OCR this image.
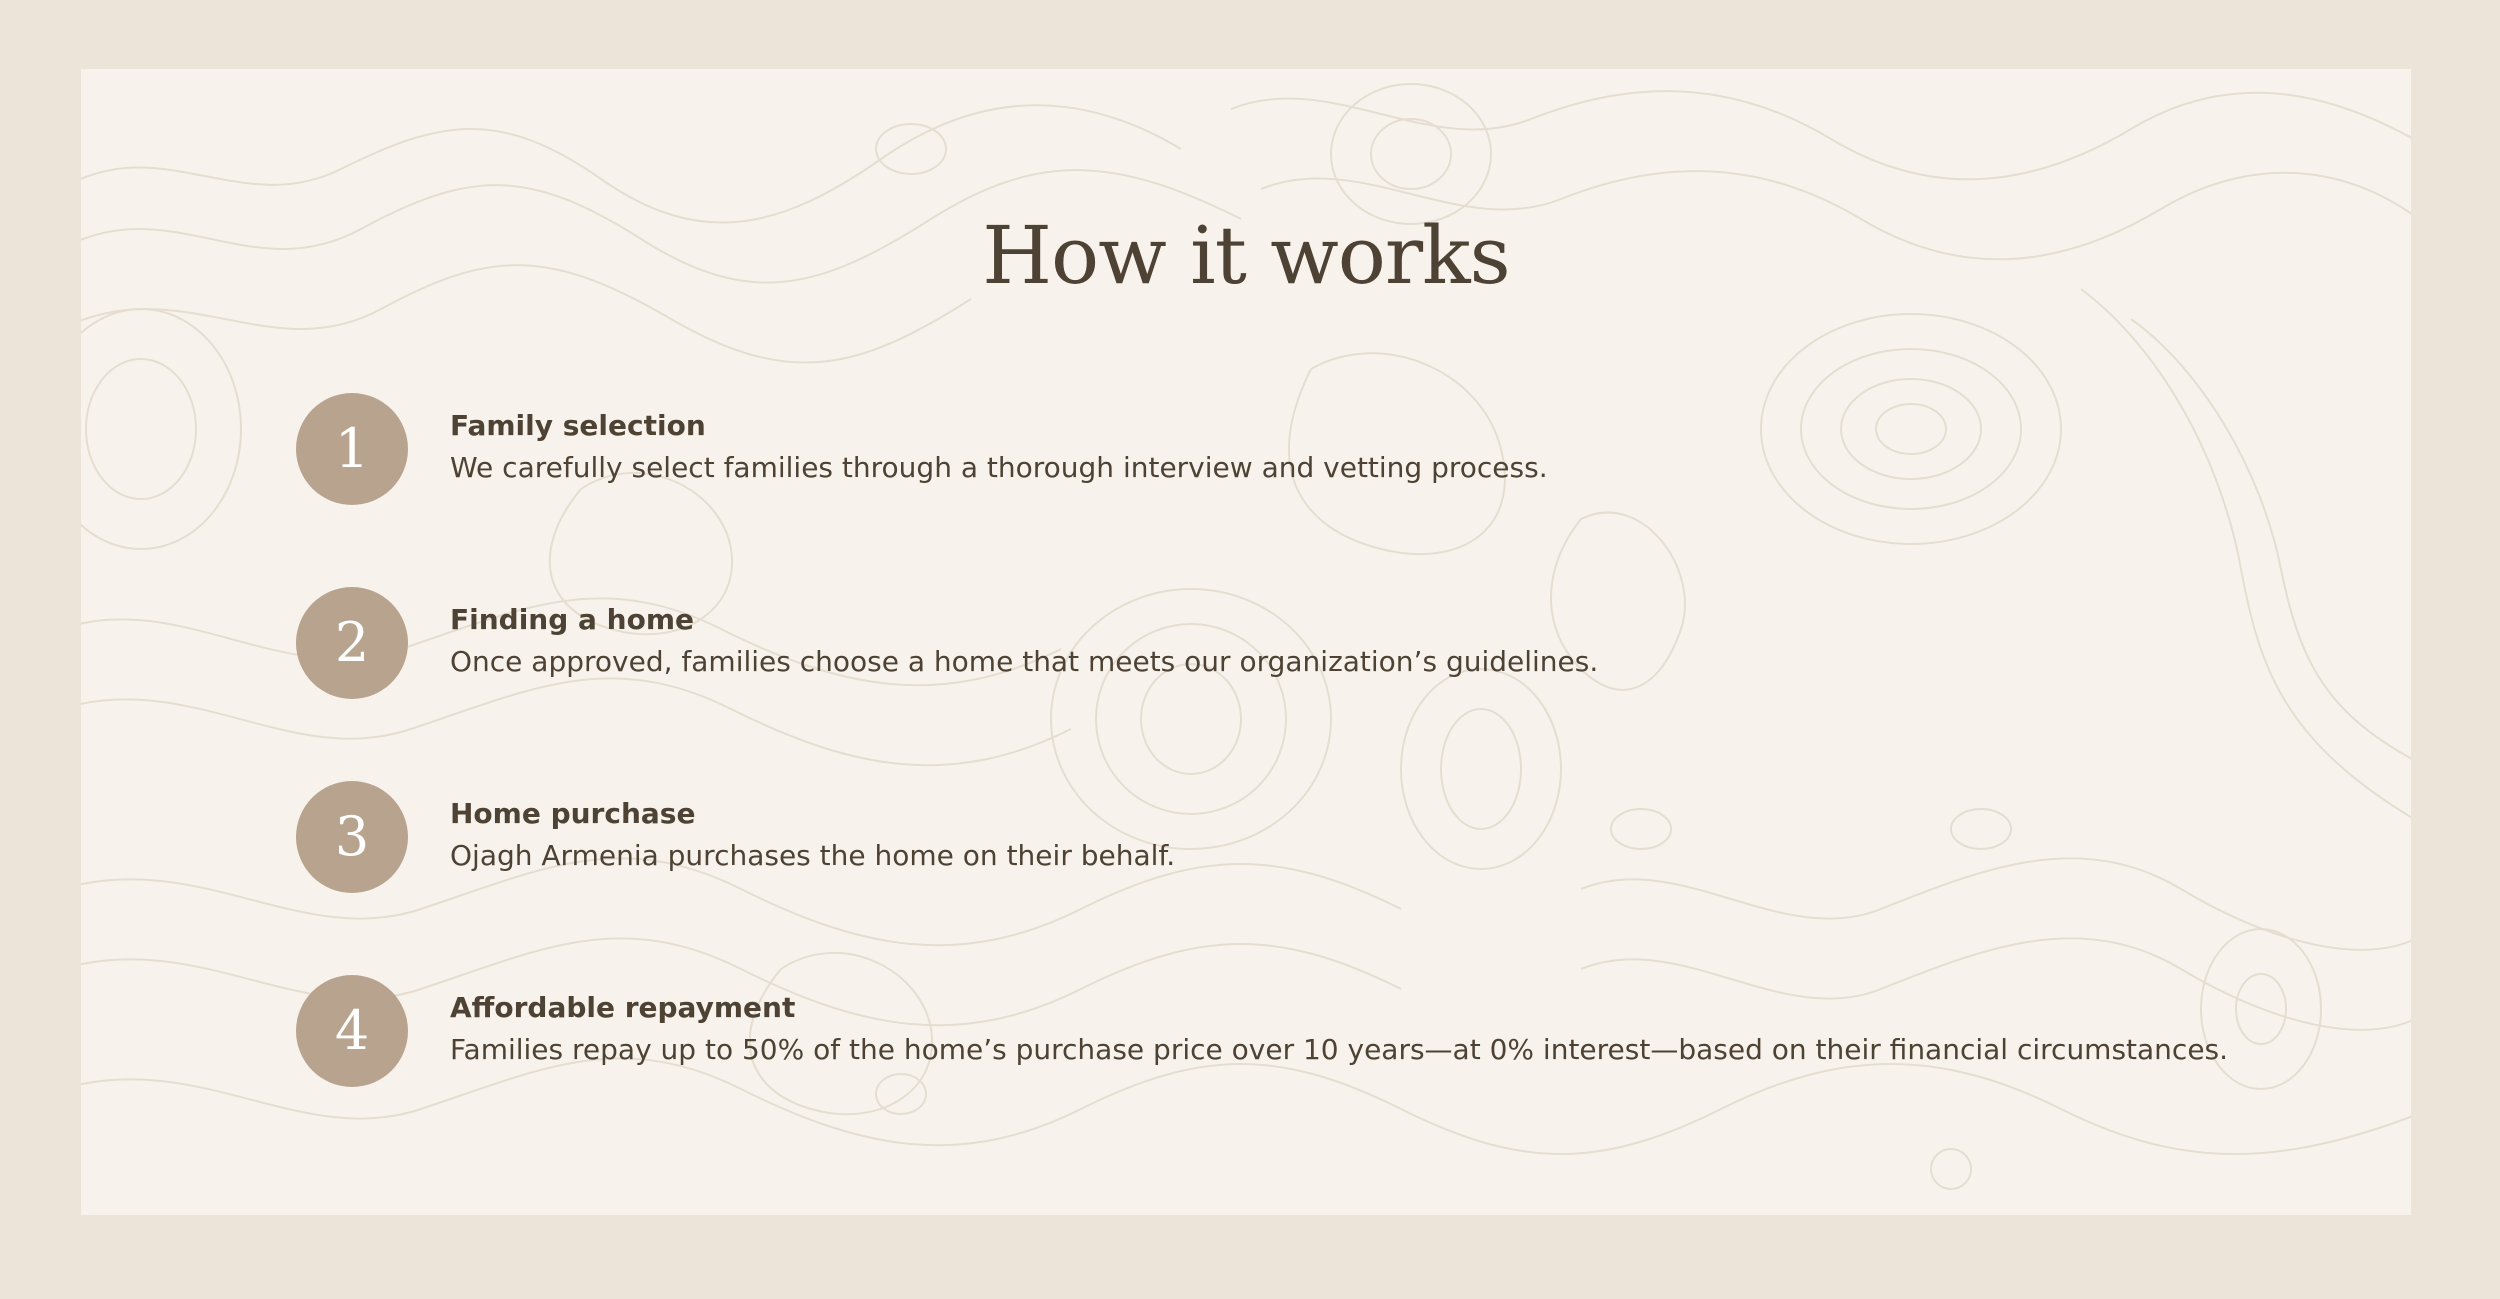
How it works
1	Family selection
We carefully select families through a thorough interview and vetting process.
2	Finding a home
Once approved, families choose a home that meets our organization’s guidelines.
3	Home purchase
Ojagh Armenia purchases the home on their behalf.
4	Affordable repayment
Families repay up to 50% of the home’s purchase price over 10 years—at 0% interest—based on their financial circumstances.
